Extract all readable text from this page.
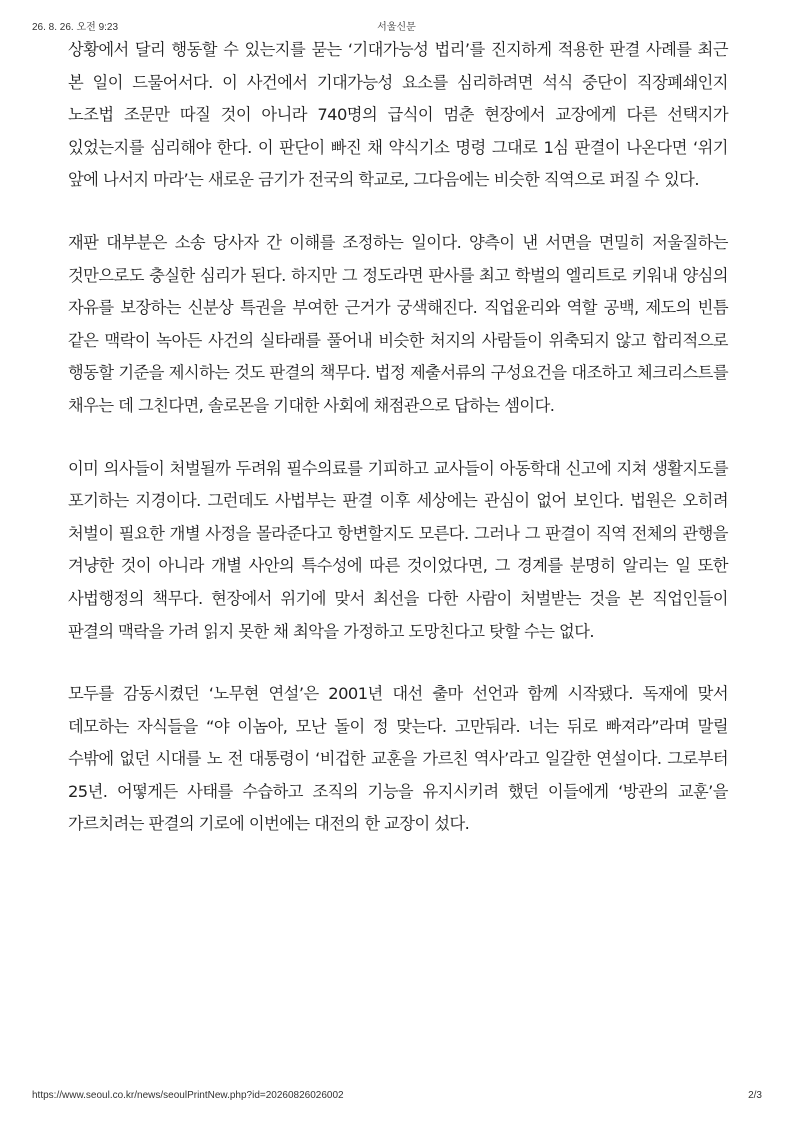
26. 8. 26. 오전 9:23	서울신문

상황에서 달리 행동할 수 있는지를 묻는 ‘기대가능성 법리’를 진지하게 적용한 판결 사례를 최근 본 일이 드물어서다. 이 사건에서 기대가능성 요소를 심리하려면 석식 중단이 직장폐쇄인지 노조법 조문만 따질 것이 아니라 740명의 급식이 멈춘 현장에서 교장에게 다른 선택지가 있었는지를 심리해야 한다. 이 판단이 빠진 채 약식기소 명령 그대로 1심 판결이 나온다면 ‘위기 앞에 나서지 마라’는 새로운 금기가 전국의 학교로, 그다음에는 비슷한 직역으로 퍼질 수 있다.

재판 대부분은 소송 당사자 간 이해를 조정하는 일이다. 양측이 낸 서면을 면밀히 저울질하는 것만으로도 충실한 심리가 된다. 하지만 그 정도라면 판사를 최고 학벌의 엘리트로 키워내 양심의 자유를 보장하는 신분상 특권을 부여한 근거가 궁색해진다. 직업윤리와 역할 공백, 제도의 빈틈 같은 맥락이 녹아든 사건의 실타래를 풀어내 비슷한 처지의 사람들이 위축되지 않고 합리적으로 행동할 기준을 제시하는 것도 판결의 책무다. 법정 제출서류의 구성요건을 대조하고 체크리스트를 채우는 데 그친다면, 솔로몬을 기대한 사회에 채점관으로 답하는 셈이다.

이미 의사들이 처벌될까 두려워 필수의료를 기피하고 교사들이 아동학대 신고에 지쳐 생활지도를 포기하는 지경이다. 그런데도 사법부는 판결 이후 세상에는 관심이 없어 보인다. 법원은 오히려 처벌이 필요한 개별 사정을 몰라준다고 항변할지도 모른다. 그러나 그 판결이 직역 전체의 관행을 겨냥한 것이 아니라 개별 사안의 특수성에 따른 것이었다면, 그 경계를 분명히 알리는 일 또한 사법행정의 책무다. 현장에서 위기에 맞서 최선을 다한 사람이 처벌받는 것을 본 직업인들이 판결의 맥락을 가려 읽지 못한 채 최악을 가정하고 도망친다고 탓할 수는 없다.

모두를 감동시켰던 ‘노무현 연설’은 2001년 대선 출마 선언과 함께 시작됐다. 독재에 맞서 데모하는 자식들을 “야 이놈아, 모난 돌이 정 맞는다. 고만둬라. 너는 뒤로 빠져라”라며 말릴 수밖에 없던 시대를 노 전 대통령이 ‘비겁한 교훈을 가르친 역사’라고 일갈한 연설이다. 그로부터 25년. 어떻게든 사태를 수습하고 조직의 기능을 유지시키려 했던 이들에게 ‘방관의 교훈’을 가르치려는 판결의 기로에 이번에는 대전의 한 교장이 섰다.

https://www.seoul.co.kr/news/seoulPrintNew.php?id=20260826026002	2/3
